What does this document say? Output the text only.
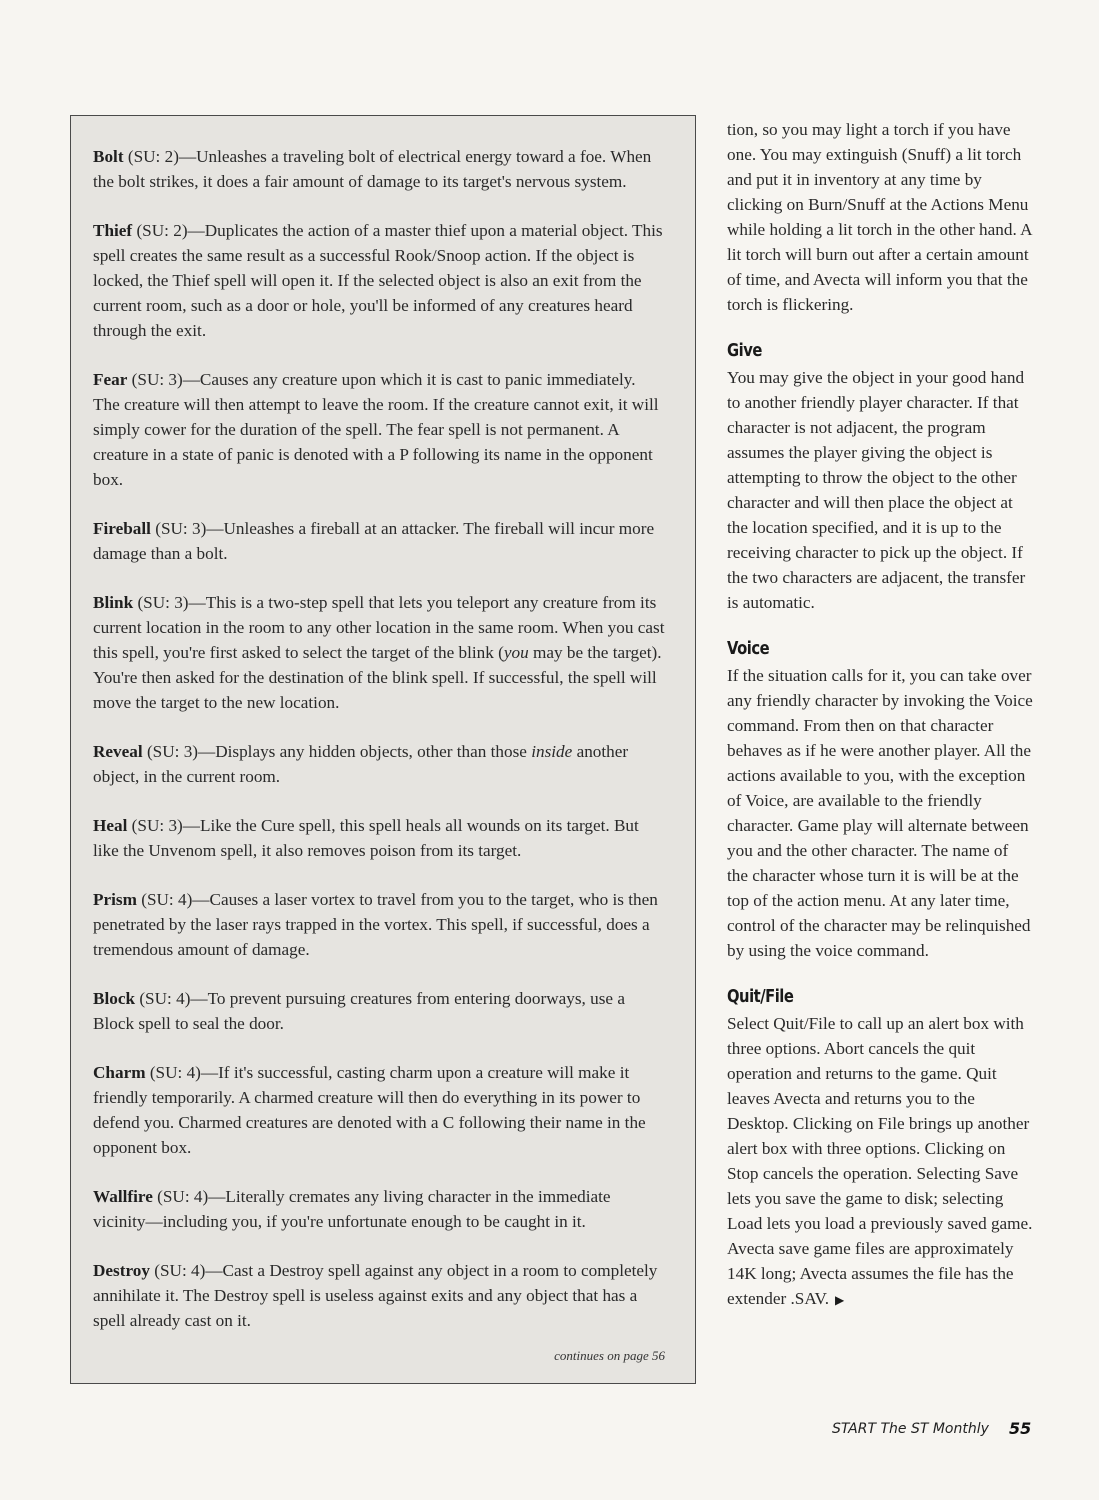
Bolt (SU: 2)—Unleashes a traveling bolt of electrical energy toward a foe. When the bolt strikes, it does a fair amount of damage to its target's nervous system.

Thief (SU: 2)—Duplicates the action of a master thief upon a material object. This spell creates the same result as a successful Rook/Snoop action. If the object is locked, the Thief spell will open it. If the selected object is also an exit from the current room, such as a door or hole, you'll be informed of any creatures heard through the exit.

Fear (SU: 3)—Causes any creature upon which it is cast to panic immediately. The creature will then attempt to leave the room. If the creature cannot exit, it will simply cower for the duration of the spell. The fear spell is not permanent. A creature in a state of panic is denoted with a P following its name in the opponent box.

Fireball (SU: 3)—Unleashes a fireball at an attacker. The fireball will incur more damage than a bolt.

Blink (SU: 3)—This is a two-step spell that lets you teleport any creature from its current location in the room to any other location in the same room. When you cast this spell, you're first asked to select the target of the blink (you may be the target). You're then asked for the destination of the blink spell. If successful, the spell will move the target to the new location.

Reveal (SU: 3)—Displays any hidden objects, other than those inside another object, in the current room.

Heal (SU: 3)—Like the Cure spell, this spell heals all wounds on its target. But like the Unvenom spell, it also removes poison from its target.

Prism (SU: 4)—Causes a laser vortex to travel from you to the target, who is then penetrated by the laser rays trapped in the vortex. This spell, if successful, does a tremendous amount of damage.

Block (SU: 4)—To prevent pursuing creatures from entering doorways, use a Block spell to seal the door.

Charm (SU: 4)—If it's successful, casting charm upon a creature will make it friendly temporarily. A charmed creature will then do everything in its power to defend you. Charmed creatures are denoted with a C following their name in the opponent box.

Wallfire (SU: 4)—Literally cremates any living character in the immediate vicinity—including you, if you're unfortunate enough to be caught in it.

Destroy (SU: 4)—Cast a Destroy spell against any object in a room to completely annihilate it. The Destroy spell is useless against exits and any object that has a spell already cast on it.

continues on page 56

tion, so you may light a torch if you have one. You may extinguish (Snuff) a lit torch and put it in inventory at any time by clicking on Burn/Snuff at the Actions Menu while holding a lit torch in the other hand. A lit torch will burn out after a certain amount of time, and Avecta will inform you that the torch is flickering.

Give

You may give the object in your good hand to another friendly player character. If that character is not adjacent, the program assumes the player giving the object is attempting to throw the object to the other character and will then place the object at the location specified, and it is up to the receiving character to pick up the object. If the two characters are adjacent, the transfer is automatic.

Voice

If the situation calls for it, you can take over any friendly character by invoking the Voice command. From then on that character behaves as if he were another player. All the actions available to you, with the exception of Voice, are available to the friendly character. Game play will alternate between you and the other character. The name of the character whose turn it is will be at the top of the action menu. At any later time, control of the character may be relinquished by using the voice command.

Quit/File

Select Quit/File to call up an alert box with three options. Abort cancels the quit operation and returns to the game. Quit leaves Avecta and returns you to the Desktop. Clicking on File brings up another alert box with three options. Clicking on Stop cancels the operation. Selecting Save lets you save the game to disk; selecting Load lets you load a previously saved game. Avecta save game files are approximately 14K long; Avecta assumes the file has the extender .SAV. ▶

START The ST Monthly 55
